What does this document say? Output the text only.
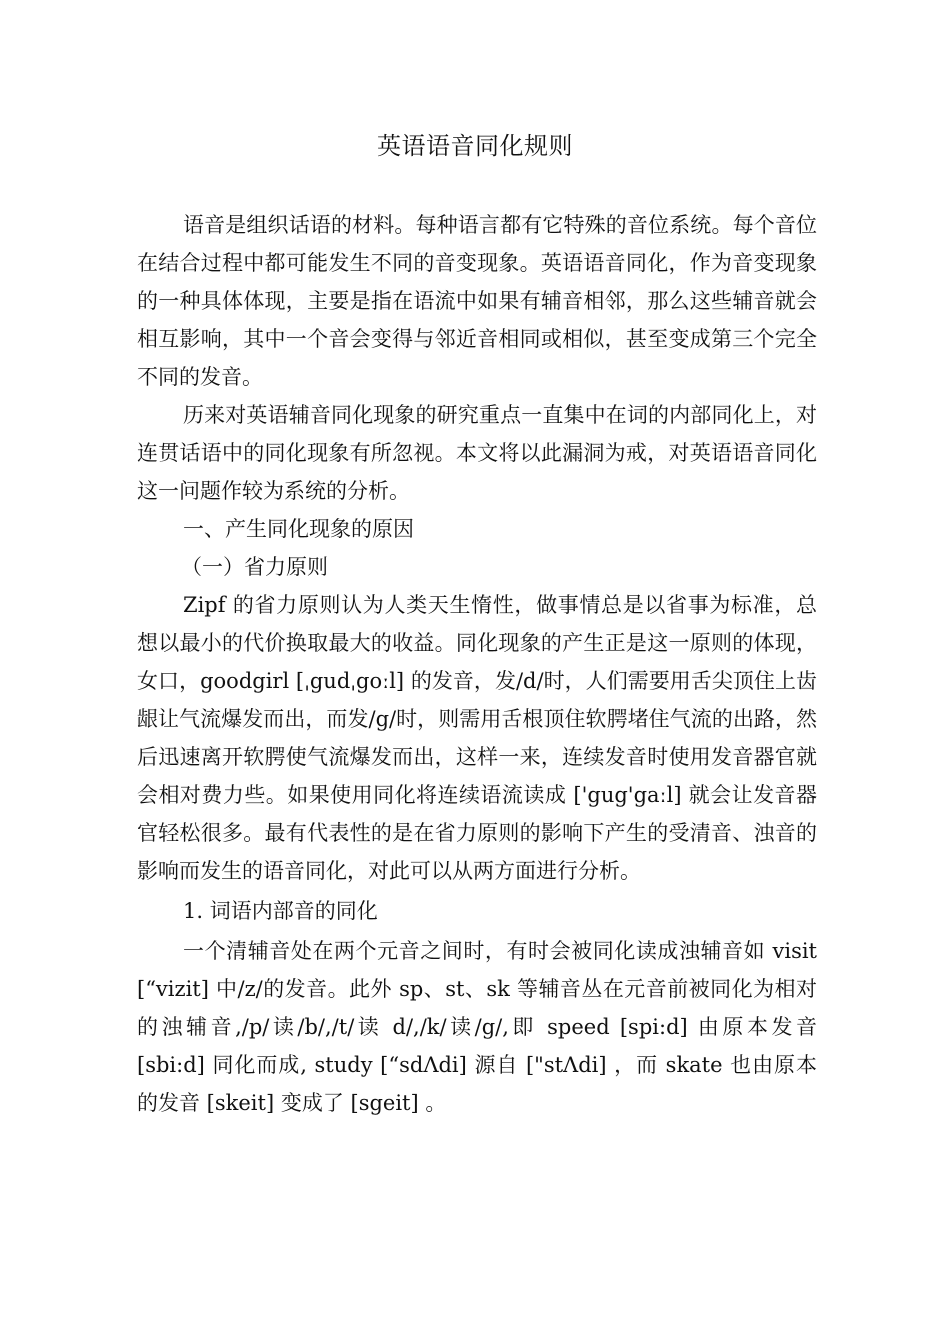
英语语音同化规则

语音是组织话语的材料。每种语言都有它特殊的音位系统。每个音位在结合过程中都可能发生不同的音变现象。英语语音同化，作为音变现象的一种具体体现，主要是指在语流中如果有辅音相邻，那么这些辅音就会相互影响，其中一个音会变得与邻近音相同或相似，甚至变成第三个完全不同的发音。

历来对英语辅音同化现象的研究重点一直集中在词的内部同化上，对连贯话语中的同化现象有所忽视。本文将以此漏洞为戒，对英语语音同化这一问题作较为系统的分析。

一、产生同化现象的原因

（一）省力原则

Zipf 的省力原则认为人类天生惰性，做事情总是以省事为标准，总想以最小的代价换取最大的收益。同化现象的产生正是这一原则的体现，女口，goodgirl [ˌgudˌgoːl] 的发音，发/d/时，人们需要用舌尖顶住上齿龈让气流爆发而出，而发/g/时，则需用舌根顶住软腭堵住气流的出路，然后迅速离开软腭使气流爆发而出，这样一来，连续发音时使用发音器官就会相对费力些。如果使用同化将连续语流读成 ['gug'gaːl] 就会让发音器官轻松很多。最有代表性的是在省力原则的影响下产生的受清音、浊音的影响而发生的语音同化，对此可以从两方面进行分析。

1. 词语内部音的同化

一个清辅音处在两个元音之间时，有时会被同化读成浊辅音如 visit [“vizit] 中/z/的发音。此外 sp、st、sk 等辅音丛在元音前被同化为相对的浊辅音,/p/读/b/,/t/读 d/,/k/读/g/,即 speed [spi:d] 由原本发音 [sbi:d] 同化而成, study [“sdΛdi] 源自 ["stΛdi] ，而 skate 也由原本的发音 [skeit] 变成了 [sgeit] 。
